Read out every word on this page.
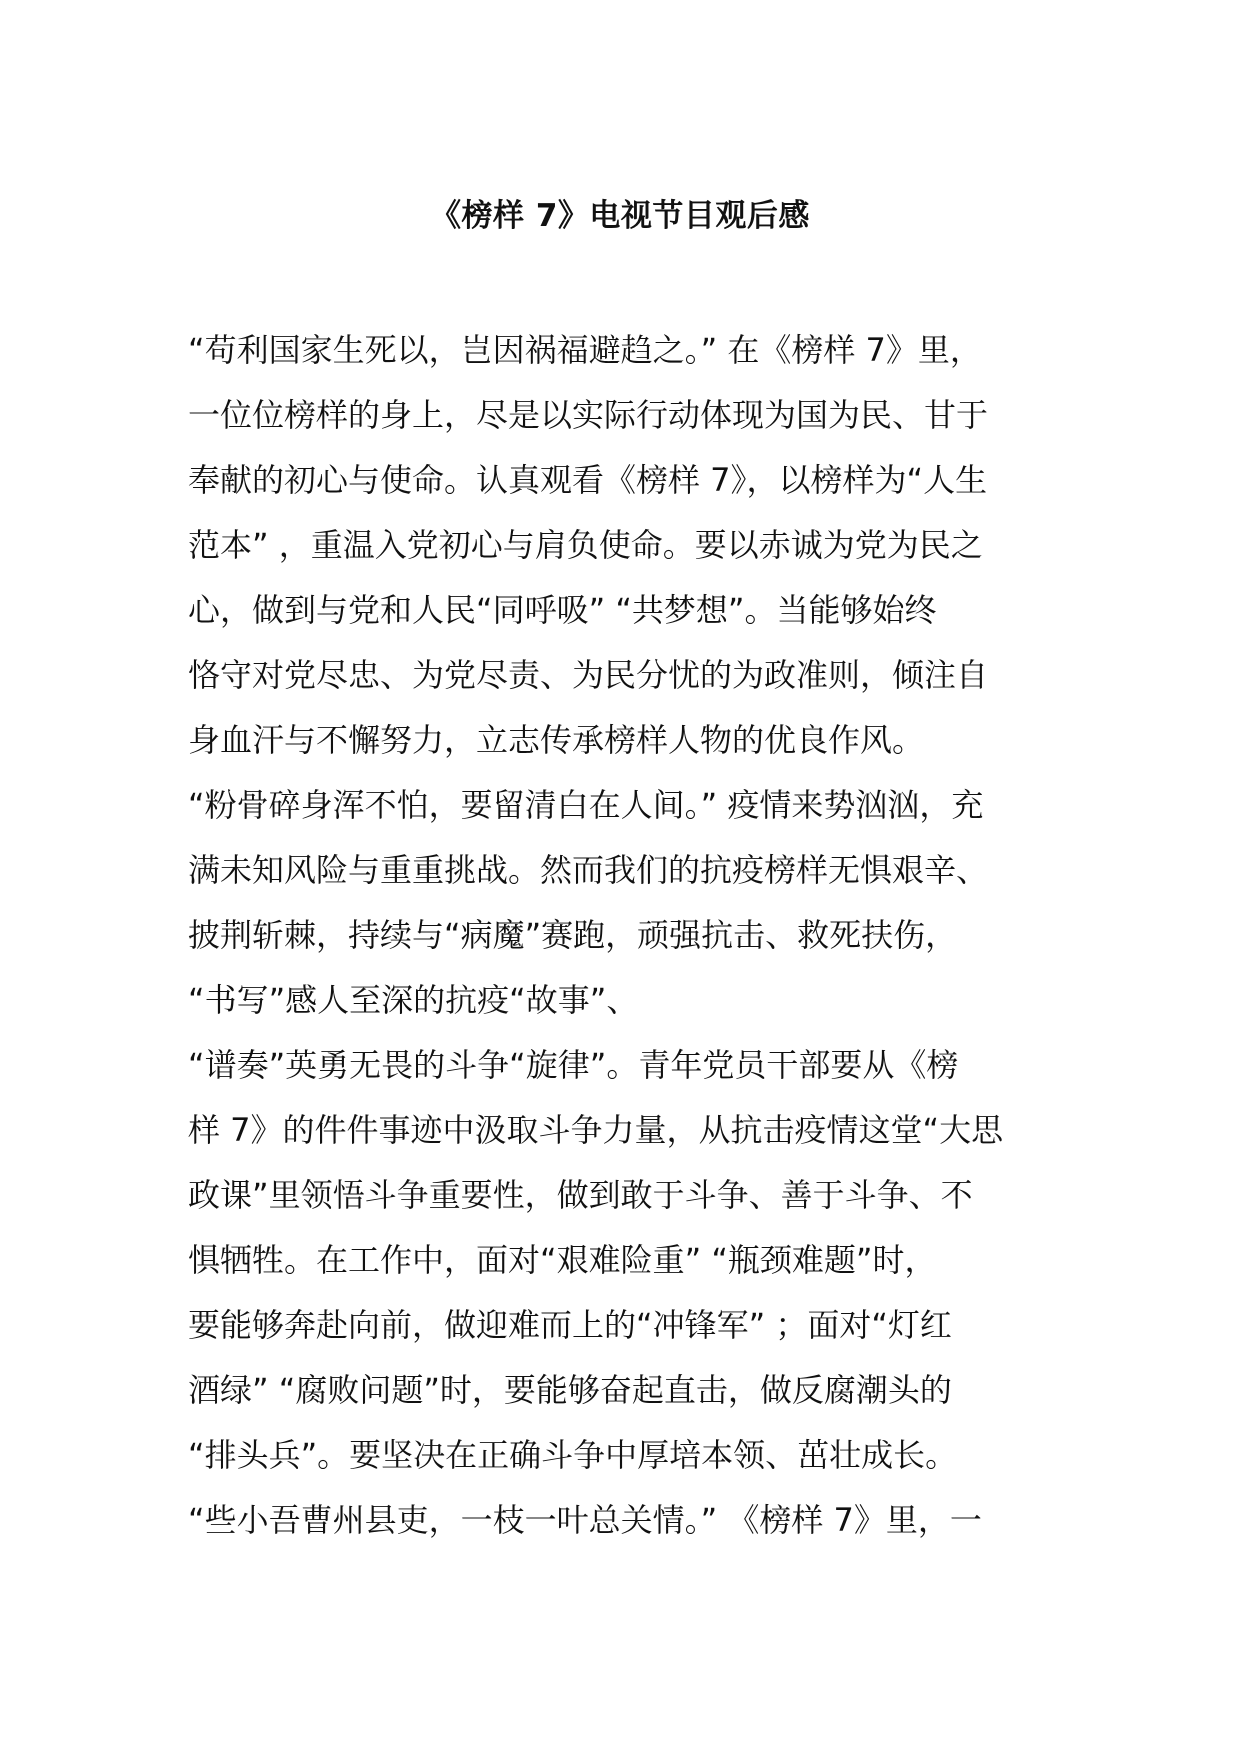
《榜样 7》电视节目观后感
“苟利国家生死以，岂因祸福避趋之。” 在《榜样 7》里，
一位位榜样的身上，尽是以实际行动体现为国为民、甘于
奉献的初心与使命。认真观看《榜样 7》，以榜样为“人生
范本” ，重温入党初心与肩负使命。要以赤诚为党为民之
心，做到与党和人民“同呼吸” “共梦想”。当能够始终
恪守对党尽忠、为党尽责、为民分忧的为政准则，倾注自
身血汗与不懈努力，立志传承榜样人物的优良作风。
“粉骨碎身浑不怕，要留清白在人间。” 疫情来势汹汹，充
满未知风险与重重挑战。然而我们的抗疫榜样无惧艰辛、
披荆斩棘，持续与“病魔”赛跑，顽强抗击、救死扶伤，
“书写”感人至深的抗疫“故事”、
“谱奏”英勇无畏的斗争“旋律”。青年党员干部要从《榜
样 7》的件件事迹中汲取斗争力量，从抗击疫情这堂“大思
政课”里领悟斗争重要性，做到敢于斗争、善于斗争、不
惧牺牲。在工作中，面对“艰难险重” “瓶颈难题”时，
要能够奔赴向前，做迎难而上的“冲锋军” ；面对“灯红
酒绿” “腐败问题”时，要能够奋起直击，做反腐潮头的
“排头兵”。要坚决在正确斗争中厚培本领、茁壮成长。
“些小吾曹州县吏，一枝一叶总关情。” 《榜样 7》里，一
